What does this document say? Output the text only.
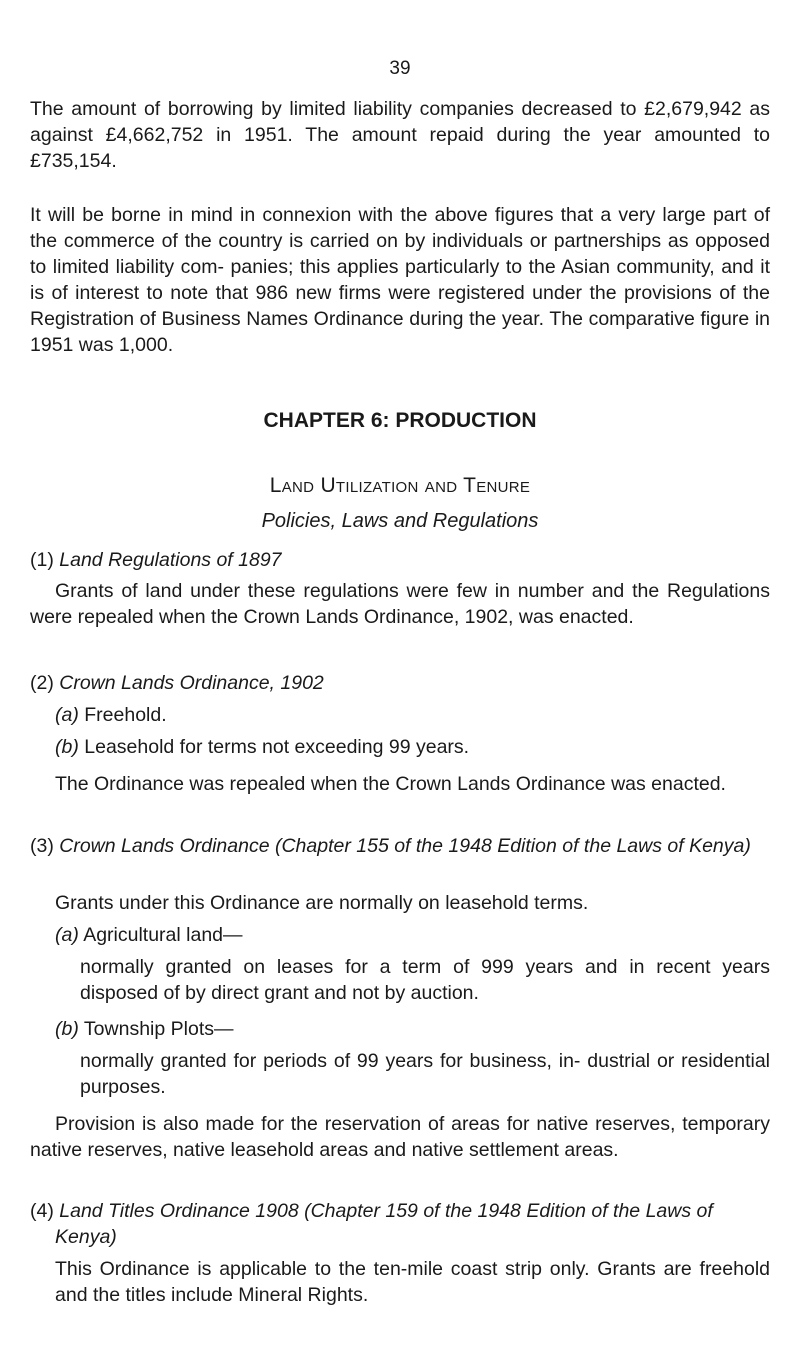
39
The amount of borrowing by limited liability companies decreased to £2,679,942 as against £4,662,752 in 1951. The amount repaid during the year amounted to £735,154.
It will be borne in mind in connexion with the above figures that a very large part of the commerce of the country is carried on by individuals or partnerships as opposed to limited liability com- panies; this applies particularly to the Asian community, and it is of interest to note that 986 new firms were registered under the provisions of the Registration of Business Names Ordinance during the year. The comparative figure in 1951 was 1,000.
CHAPTER 6: PRODUCTION
Land Utilization and Tenure
Policies, Laws and Regulations
(1) Land Regulations of 1897
Grants of land under these regulations were few in number and the Regulations were repealed when the Crown Lands Ordinance, 1902, was enacted.
(2) Crown Lands Ordinance, 1902
(a) Freehold.
(b) Leasehold for terms not exceeding 99 years.
The Ordinance was repealed when the Crown Lands Ordinance was enacted.
(3) Crown Lands Ordinance (Chapter 155 of the 1948 Edition of the Laws of Kenya)
Grants under this Ordinance are normally on leasehold terms.
(a) Agricultural land—
normally granted on leases for a term of 999 years and in recent years disposed of by direct grant and not by auction.
(b) Township Plots—
normally granted for periods of 99 years for business, in- dustrial or residential purposes.
Provision is also made for the reservation of areas for native reserves, temporary native reserves, native leasehold areas and native settlement areas.
(4) Land Titles Ordinance 1908 (Chapter 159 of the 1948 Edition of the Laws of Kenya)
This Ordinance is applicable to the ten-mile coast strip only. Grants are freehold and the titles include Mineral Rights.
